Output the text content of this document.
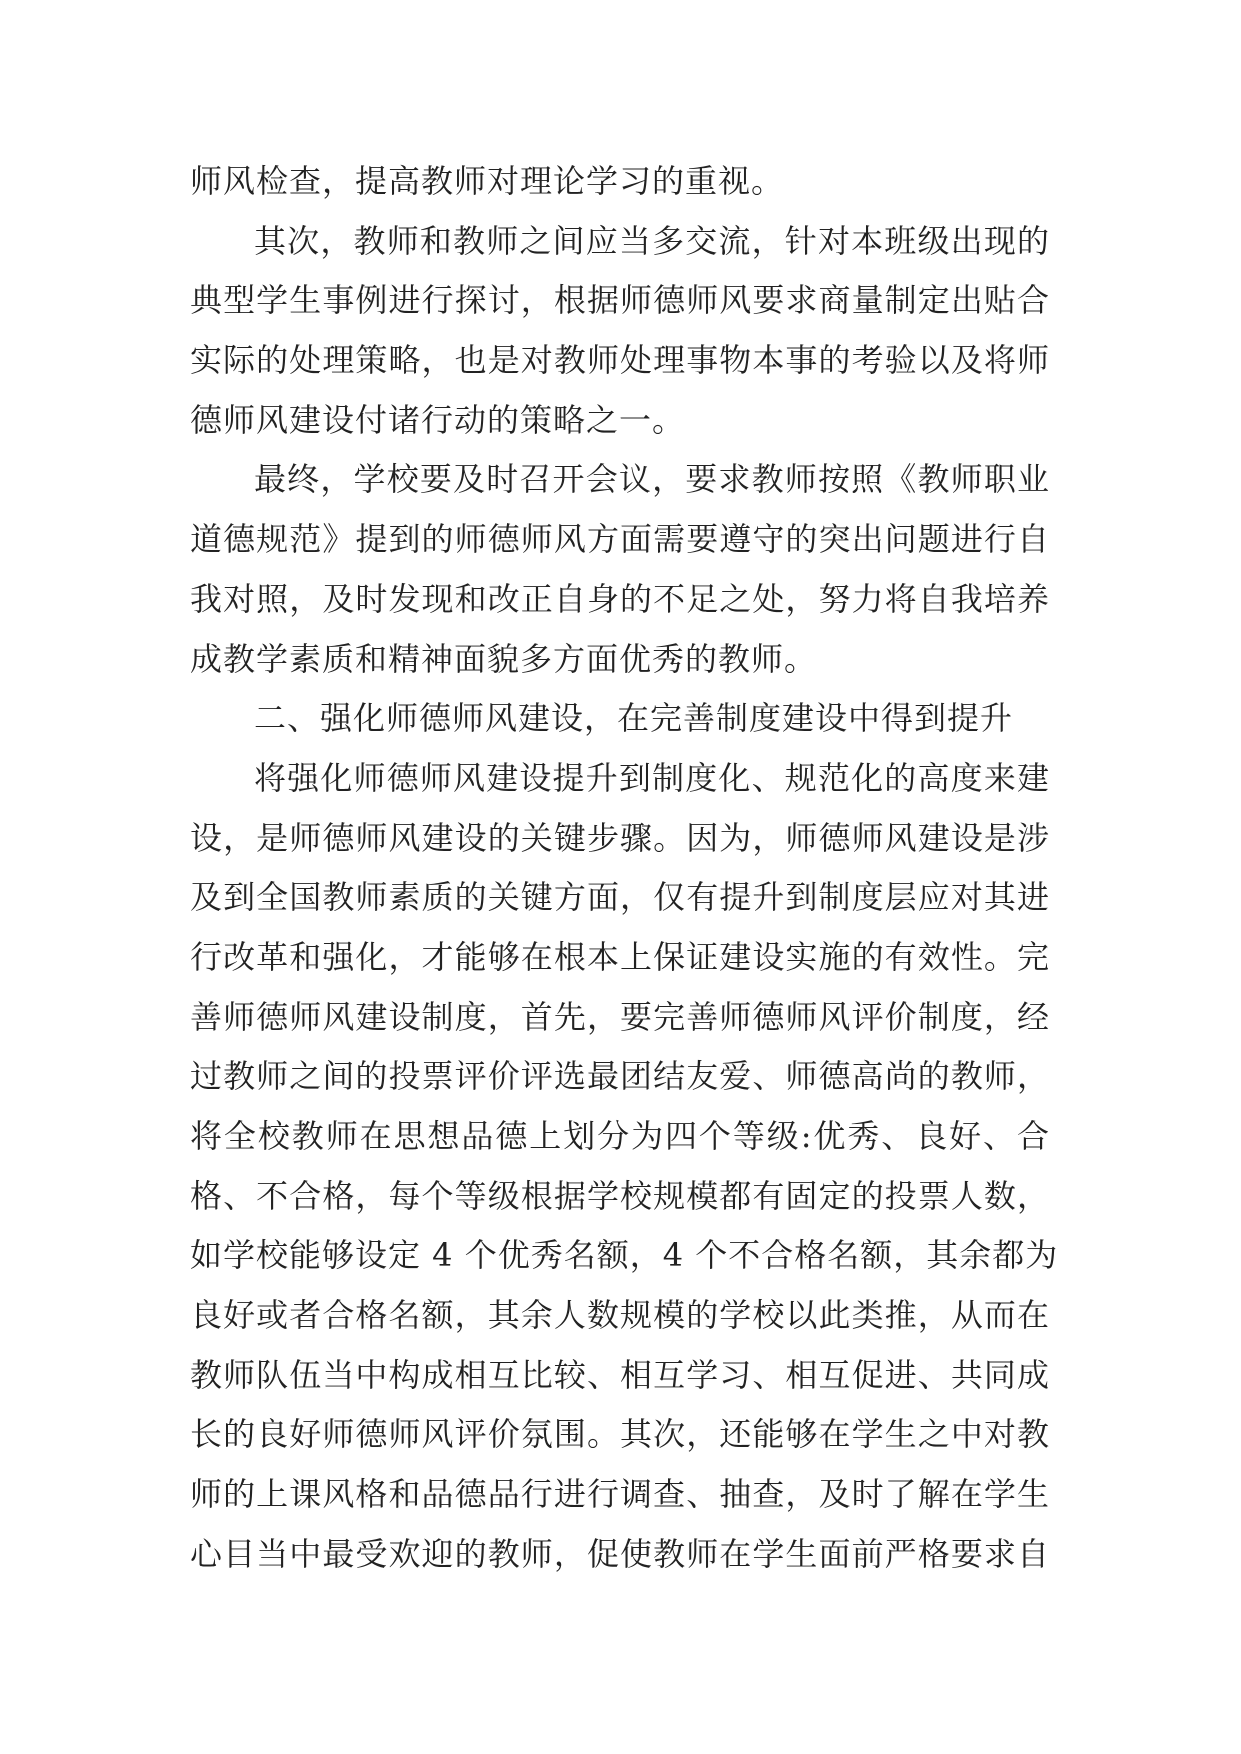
师风检查，提高教师对理论学习的重视。
其次，教师和教师之间应当多交流，针对本班级出现的
典型学生事例进行探讨，根据师德师风要求商量制定出贴合
实际的处理策略，也是对教师处理事物本事的考验以及将师
德师风建设付诸行动的策略之一。
最终，学校要及时召开会议，要求教师按照《教师职业
道德规范》提到的师德师风方面需要遵守的突出问题进行自
我对照，及时发现和改正自身的不足之处，努力将自我培养
成教学素质和精神面貌多方面优秀的教师。
二、强化师德师风建设，在完善制度建设中得到提升
将强化师德师风建设提升到制度化、规范化的高度来建
设，是师德师风建设的关键步骤。因为，师德师风建设是涉
及到全国教师素质的关键方面，仅有提升到制度层应对其进
行改革和强化，才能够在根本上保证建设实施的有效性。完
善师德师风建设制度，首先，要完善师德师风评价制度，经
过教师之间的投票评价评选最团结友爱、师德高尚的教师，
将全校教师在思想品德上划分为四个等级:优秀、良好、合
格、不合格，每个等级根据学校规模都有固定的投票人数，
如学校能够设定 4 个优秀名额，4 个不合格名额，其余都为
良好或者合格名额，其余人数规模的学校以此类推，从而在
教师队伍当中构成相互比较、相互学习、相互促进、共同成
长的良好师德师风评价氛围。其次，还能够在学生之中对教
师的上课风格和品德品行进行调查、抽查，及时了解在学生
心目当中最受欢迎的教师，促使教师在学生面前严格要求自
